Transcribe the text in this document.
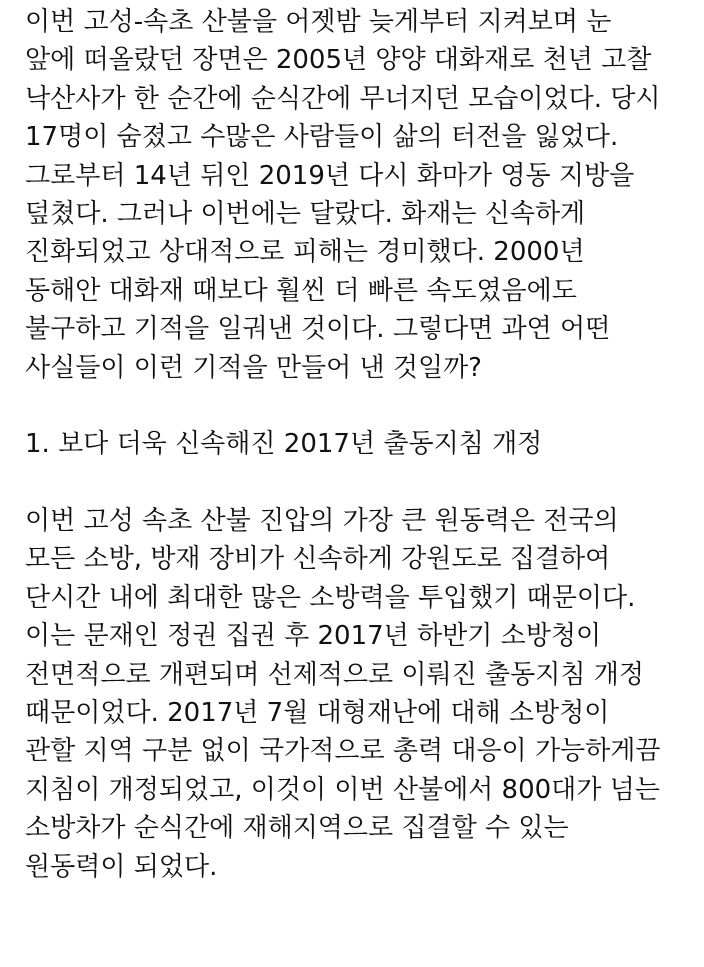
이번 고성-속초 산불을 어젯밤 늦게부터 지켜보며 눈
앞에 떠올랐던 장면은 2005년 양양 대화재로 천년 고찰
낙산사가 한 순간에 순식간에 무너지던 모습이었다. 당시
17명이 숨졌고 수많은 사람들이 삶의 터전을 잃었다.
그로부터 14년 뒤인 2019년 다시 화마가 영동 지방을
덮쳤다. 그러나 이번에는 달랐다. 화재는 신속하게
진화되었고 상대적으로 피해는 경미했다. 2000년
동해안 대화재 때보다 훨씬 더 빠른 속도였음에도
불구하고 기적을 일궈낸 것이다. 그렇다면 과연 어떤
사실들이 이런 기적을 만들어 낸 것일까?
1. 보다 더욱 신속해진 2017년 출동지침 개정
이번 고성 속초 산불 진압의 가장 큰 원동력은 전국의
모든 소방, 방재 장비가 신속하게 강원도로 집결하여
단시간 내에 최대한 많은 소방력을 투입했기 때문이다.
이는 문재인 정권 집권 후 2017년 하반기 소방청이
전면적으로 개편되며 선제적으로 이뤄진 출동지침 개정
때문이었다. 2017년 7월 대형재난에 대해 소방청이
관할 지역 구분 없이 국가적으로 총력 대응이 가능하게끔
지침이 개정되었고, 이것이 이번 산불에서 800대가 넘는
소방차가 순식간에 재해지역으로 집결할 수 있는
원동력이 되었다.
